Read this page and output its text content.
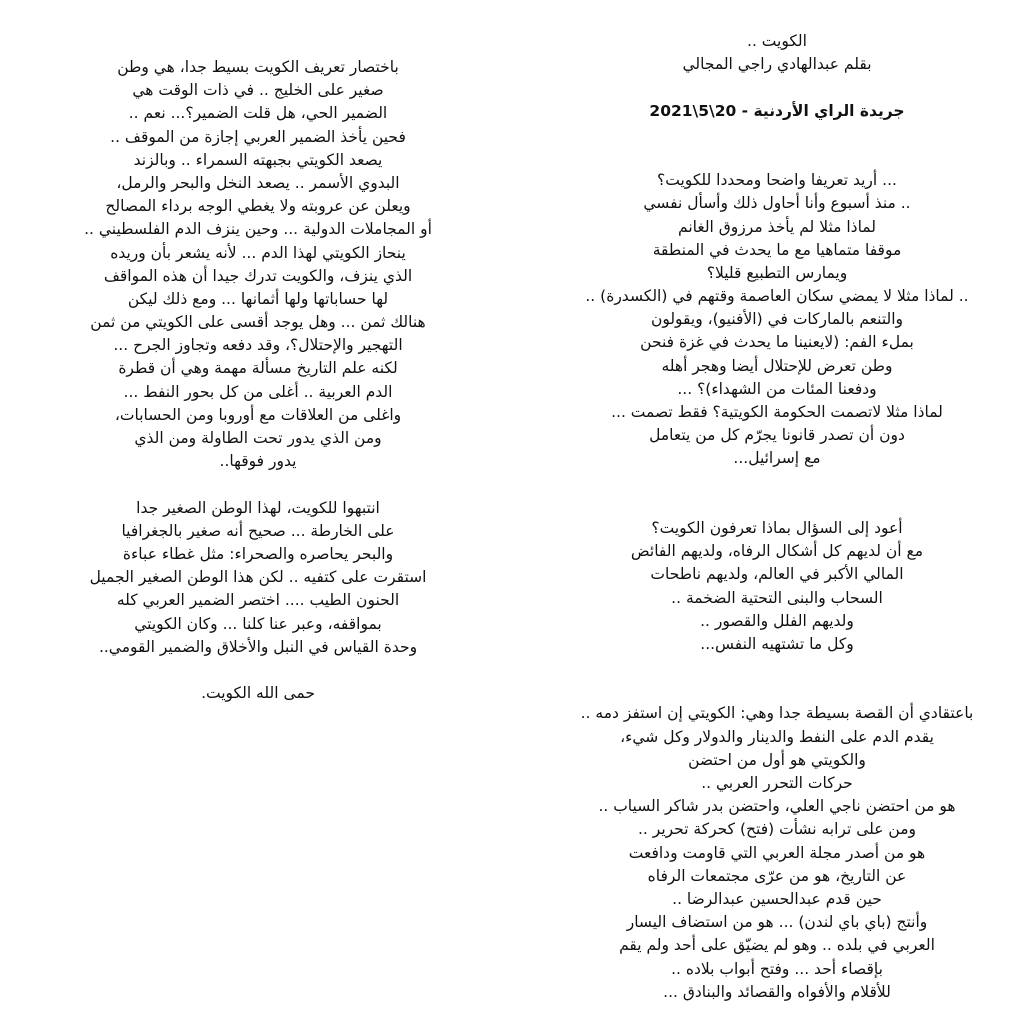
الكويت ..
بقلم عبدالهادي راجي المجالي
جريدة الراي الأردنية - 20\5\2021
... أريد تعريفا واضحا ومحددا للكويت؟
.. منذ أسبوع وأنا أحاول ذلك وأسأل نفسي
لماذا مثلا لم يأخذ مرزوق الغانم
موقفا متماهيا مع ما يحدث في المنطقة
ويمارس التطبيع قليلا؟
.. لماذا مثلا لا يمضي سكان العاصمة وقتهم في (الكسدرة) ..
والتنعم بالماركات في (الأفنيو)، ويقولون
بملء الفم: (لايعنينا ما يحدث في غزة فنحن
وطن تعرض للإحتلال أيضا وهجر أهله
ودفعنا المئات من الشهداء)؟ ...
لماذا مثلا لاتصمت الحكومة الكويتية؟ فقط تصمت ...
دون أن تصدر قانونا يجرّم كل من يتعامل
مع إسرائيل...
أعود إلى السؤال بماذا تعرفون الكويت؟
مع أن لديهم كل أشكال الرفاه، ولديهم الفائض
المالي الأكبر في العالم، ولديهم ناطحات
السحاب والبنى التحتية الضخمة ..
ولديهم الفلل والقصور ..
وكل ما تشتهيه النفس...
باعتقادي أن القصة بسيطة جدا وهي: الكويتي إن استفز دمه ..
يقدم الدم على النفط والدينار والدولار وكل شيء،
والكويتي هو أول من احتضن
حركات التحرر العربي ..
هو من احتضن ناجي العلي، واحتضن بدر شاكر السياب ..
ومن على ترابه نشأت (فتح) كحركة تحرير ..
هو من أصدر مجلة العربي التي قاومت ودافعت
عن التاريخ، هو من عرّى مجتمعات الرفاه
حين قدم عبدالحسين عبدالرضا ..
وأنتج (باي باي لندن) ... هو من استضاف اليسار
العربي في بلده .. وهو لم يضيّق على أحد ولم يقم
بإقصاء أحد ... وفتح أبواب بلاده ..
للأقلام والأفواه والقصائد والبنادق ...
باختصار تعريف الكويت بسيط جدا، هي وطن
صغير على الخليج .. في ذات الوقت هي
الضمير الحي، هل قلت الضمير؟... نعم ..
فحين يأخذ الضمير العربي إجازة من الموقف ..
يصعد الكويتي بجبهته السمراء .. وبالزند
البدوي الأسمر .. يصعد النخل والبحر والرمل،
ويعلن عن عروبته ولا يغطي الوجه برداء المصالح
أو المجاملات الدولية ... وحين ينزف الدم الفلسطيني ..
ينحاز الكويتي لهذا الدم ... لأنه يشعر بأن وريده
الذي ينزف، والكويت تدرك جيدا أن هذه المواقف
لها حساباتها ولها أثمانها ... ومع ذلك ليكن
هنالك ثمن ... وهل يوجد أقسى على الكويتي من ثمن
التهجير والإحتلال؟، وقد دفعه وتجاوز الجرح ...
لكنه علم التاريخ مسألة مهمة وهي أن قطرة
الدم العربية .. أغلى من كل بحور النفط ...
واغلى من العلاقات مع أوروبا ومن الحسابات،
ومن الذي يدور تحت الطاولة ومن الذي
يدور فوقها..
انتبهوا للكويت، لهذا الوطن الصغير جدا
على الخارطة ... صحيح أنه صغير بالجغرافيا
والبحر يحاصره والصحراء: مثل غطاء عباءة
استقرت على كتفيه .. لكن هذا الوطن الصغير الجميل
الحنون الطيب .... اختصر الضمير العربي كله
بمواقفه، وعبر عنا كلنا ... وكان الكويتي
وحدة القياس في النبل والأخلاق والضمير القومي..
حمى الله الكويت.
